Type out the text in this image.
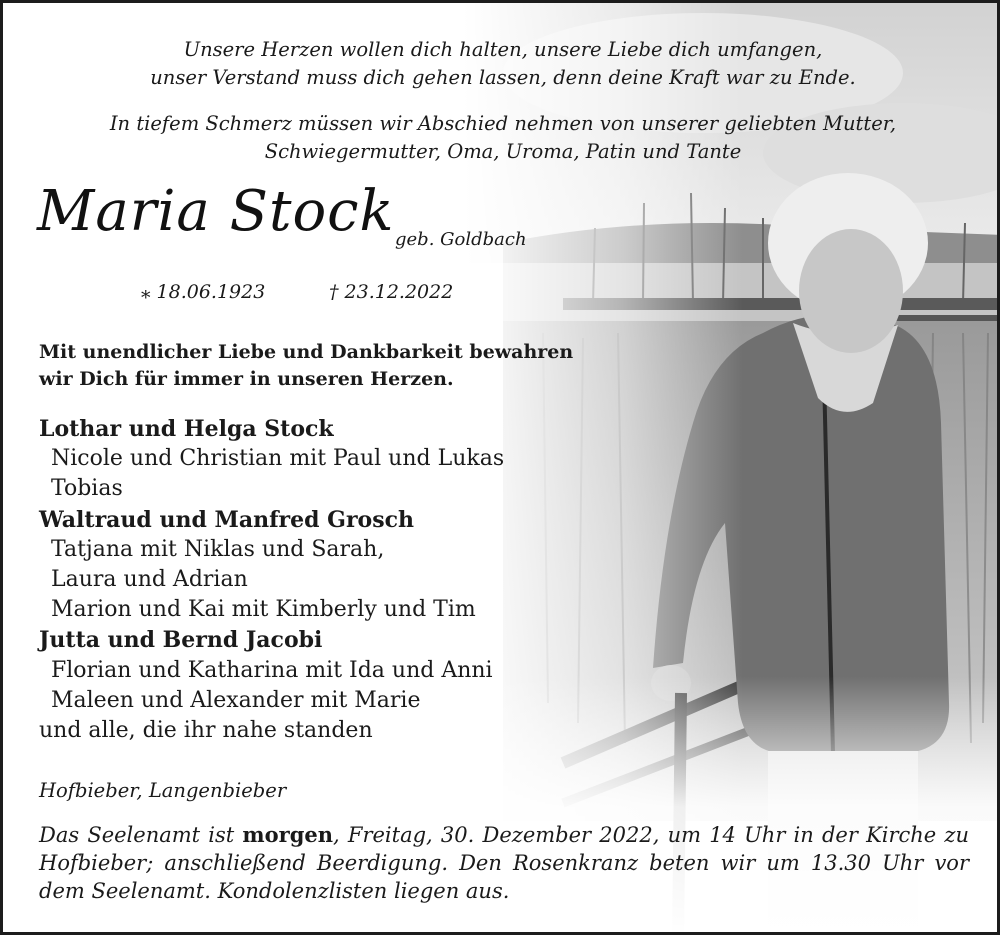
Unsere Herzen wollen dich halten, unsere Liebe dich umfangen,
unser Verstand muss dich gehen lassen, denn deine Kraft war zu Ende.
In tiefem Schmerz müssen wir Abschied nehmen von unserer geliebten Mutter,
Schwiegermutter, Oma, Uroma, Patin und Tante
Maria Stock geb. Goldbach
⁎ 18.06.1923	† 23.12.2022
Mit unendlicher Liebe und Dankbarkeit bewahren
wir Dich für immer in unseren Herzen.
Lothar und Helga Stock
Nicole und Christian mit Paul und Lukas
Tobias
Waltraud und Manfred Grosch
Tatjana mit Niklas und Sarah,
Laura und Adrian
Marion und Kai mit Kimberly und Tim
Jutta und Bernd Jacobi
Florian und Katharina mit Ida und Anni
Maleen und Alexander mit Marie
und alle, die ihr nahe standen
Hofbieber, Langenbieber
Das Seelenamt ist morgen, Freitag, 30. Dezember 2022, um 14 Uhr in der Kirche zu Hofbieber; anschließend Beerdigung. Den Rosenkranz beten wir um 13.30 Uhr vor dem Seelenamt. Kondolenzlisten liegen aus.
